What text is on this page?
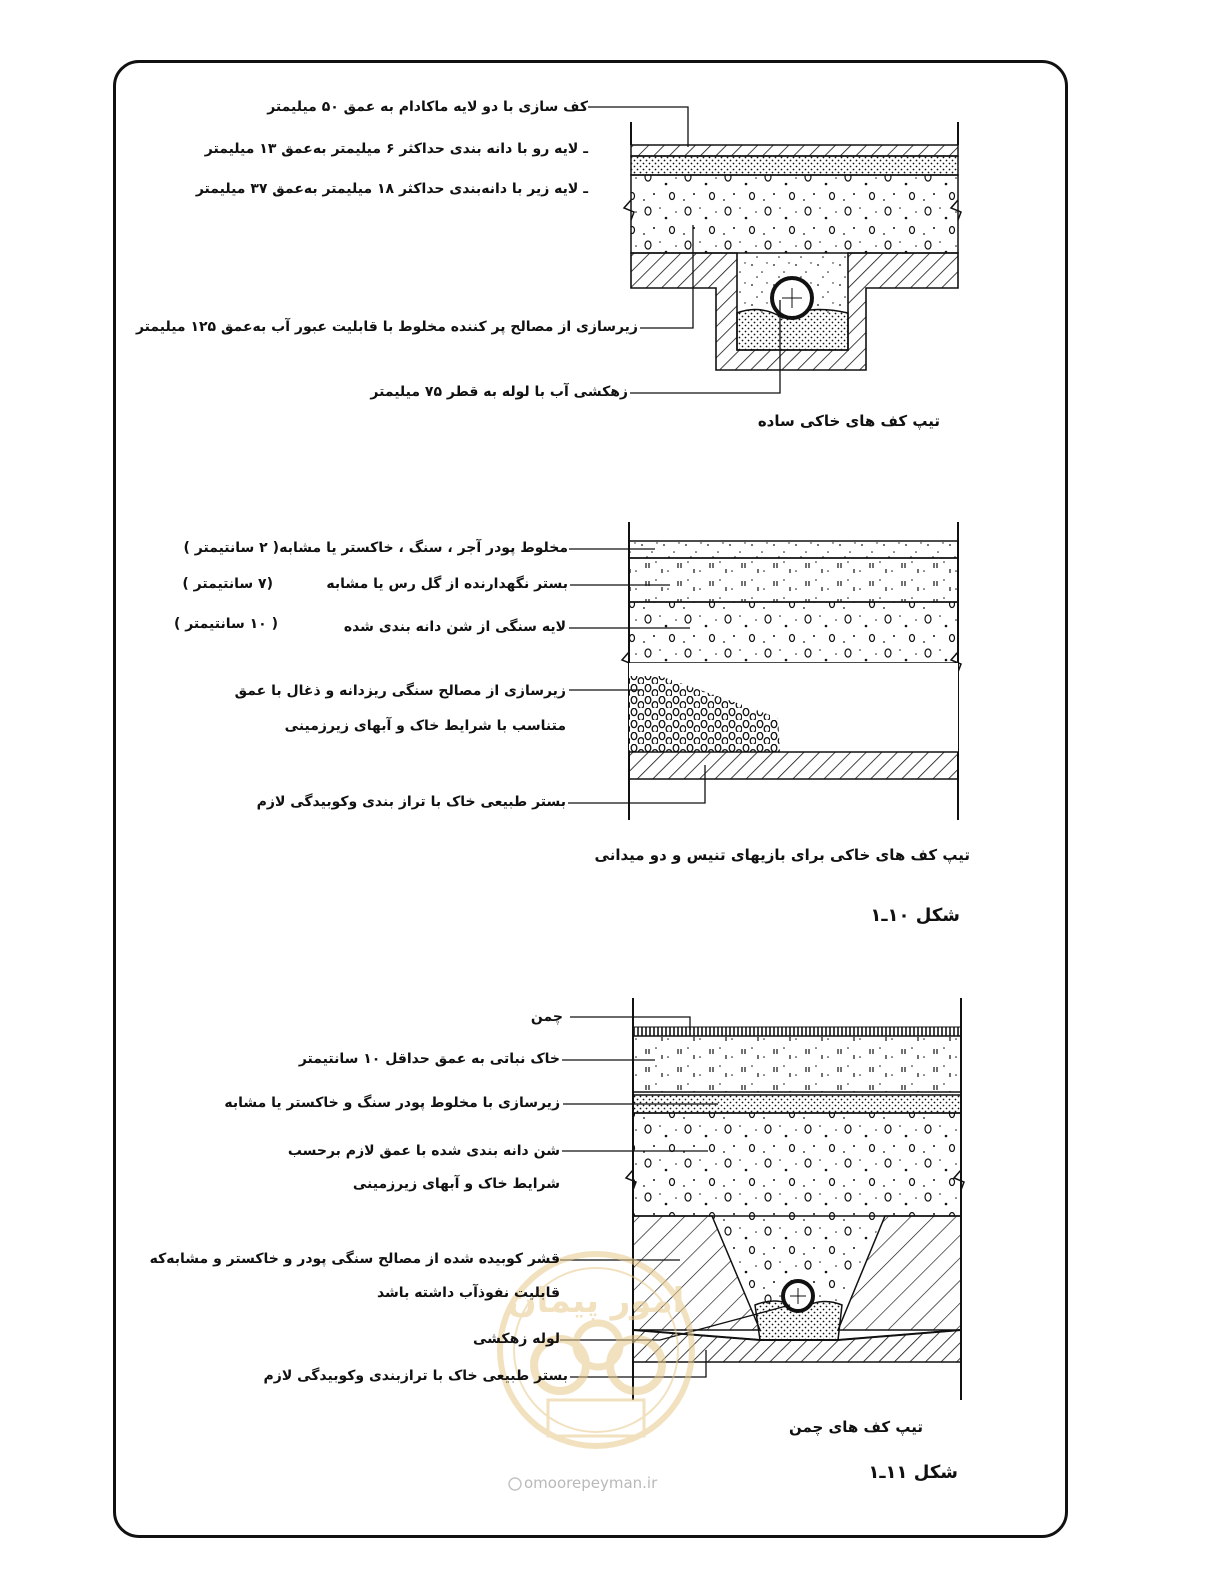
امور پیمان
کف سازی با دو لایه ماکادام به عمق ۵۰ میلیمتر
ـ لایه رو با دانه بندی حداکثر ۶ میلیمتر به‌عمق ۱۳ میلیمتر
ـ لایه زیر با دانه‌بندی حداکثر ۱۸ میلیمتر به‌عمق ۳۷ میلیمتر
زیرسازی از مصالح پر کننده مخلوط با قابلیت عبور آب به‌عمق ۱۲۵ میلیمتر
زهکشی آب با لوله به قطر ۷۵ میلیمتر
تیپ کف های خاکی ساده
مخلوط پودر آجر ، سنگ ، خاکستر یا مشابه
( ۲ سانتیمتر )
بستر نگهدارنده از گل رس یا مشابه
(۷ سانتیمتر )
لایه سنگی از شن دانه بندی شده
( ۱۰ سانتیمتر )
زیرسازی از مصالح سنگی ریزدانه و ذغال با عمق
متناسب با شرایط خاک و آبهای زیرزمینی
بستر طبیعی خاک با تراز بندی وکوبیدگی لازم
تیپ کف های خاکی برای بازیهای تنیس و دو میدانی
شکل ۱۰ـ۱
چمن
خاک نباتی به عمق حداقل ۱۰ سانتیمتر
زیرسازی با مخلوط پودر سنگ و خاکستر یا مشابه
شن دانه بندی شده با عمق لازم برحسب
شرایط خاک و آبهای زیرزمینی
قشر کوبیده شده از مصالح سنگی پودر و خاکستر و مشابه‌که
قابلیت نفوذآب داشته باشد
لوله زهکشی
بستر طبیعی خاک با ترازبندی وکوبیدگی لازم
تیپ کف های چمن
شکل ۱۱ـ۱
omoorepeyman.ir
